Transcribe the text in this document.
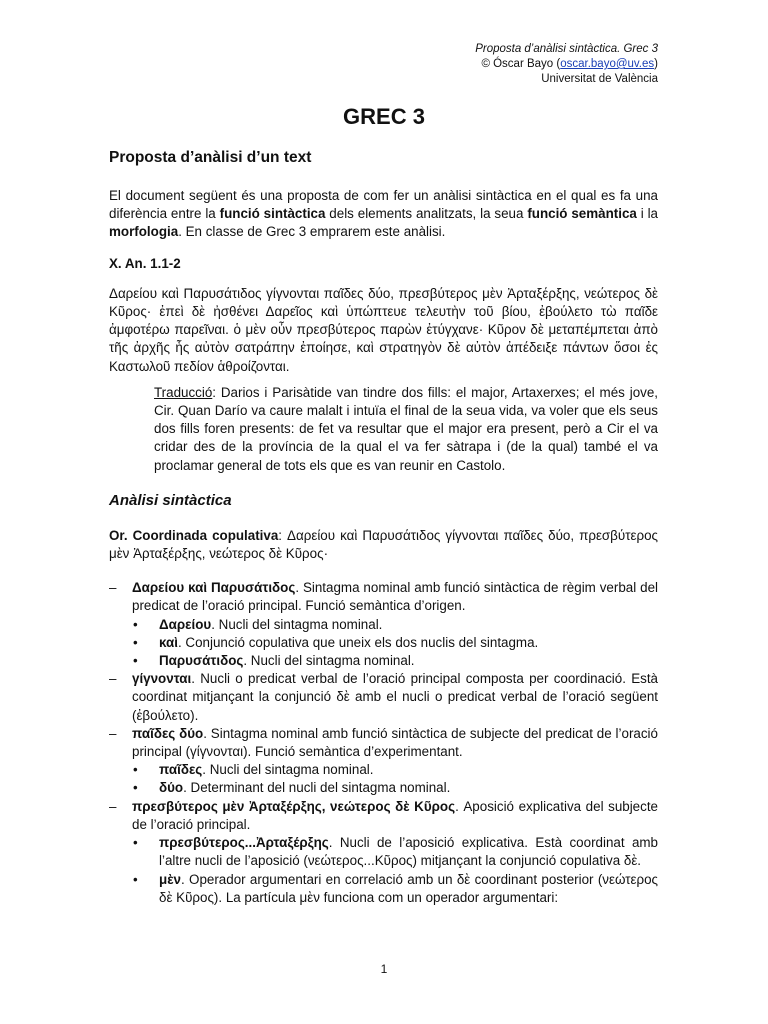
Proposta d’anàlisi sintàctica. Grec 3
© Óscar Bayo (oscar.bayo@uv.es)
Universitat de València
GREC 3

Proposta d’anàlisi d’un text

El document següent és una proposta de com fer un anàlisi sintàctica en el qual es fa una diferència entre la funció sintàctica dels elements analitzats, la seua funció semàntica i la morfologia. En classe de Grec 3 emprarem este anàlisi.

X. An. 1.1-2

Δαρείου καὶ Παρυσάτιδος γίγνονται παῖδες δύο, πρεσβύτερος μὲν Ἀρταξέρξης, νεώτερος δὲ Κῦρος· ἐπεὶ δὲ ἠσθένει Δαρεῖος καὶ ὑπώπτευε τελευτὴν τοῦ βίου, ἐβούλετο τὼ παῖδε ἀμφοτέρω παρεῖναι. ὁ μὲν οὖν πρεσβύτερος παρὼν ἐτύγχανε· Κῦρον δὲ μεταπέμπεται ἀπὸ τῆς ἀρχῆς ἧς αὐτὸν σατράπην ἐποίησε, καὶ στρατηγὸν δὲ αὐτὸν ἀπέδειξε πάντων ὅσοι ἐς Καστωλοῦ πεδίον ἁθροίζονται.

Traducció: Darios i Parisàtide van tindre dos fills: el major, Artaxerxes; el més jove, Cir. Quan Darío va caure malalt i intuïa el final de la seua vida, va voler que els seus dos fills foren presents: de fet va resultar que el major era present, però a Cir el va cridar des de la província de la qual el va fer sàtrapa i (de la qual) també el va proclamar general de tots els que es van reunir en Castolo.

Anàlisi sintàctica

Or. Coordinada copulativa: Δαρείου καὶ Παρυσάτιδος γίγνονται παῖδες δύο, πρεσβύτερος μὲν Ἀρταξέρξης, νεώτερος δὲ Κῦρος·

– Δαρείου καὶ Παρυσάτιδος. Sintagma nominal amb funció sintàctica de règim verbal del predicat de l’oració principal. Funció semàntica d’origen.
• Δαρείου. Nucli del sintagma nominal.
• καὶ. Conjunció copulativa que uneix els dos nuclis del sintagma.
• Παρυσάτιδος. Nucli del sintagma nominal.
– γίγνονται. Nucli o predicat verbal de l’oració principal composta per coordinació. Està coordinat mitjançant la conjunció δὲ amb el nucli o predicat verbal de l’oració següent (ἐβούλετο).
– παῖδες δύο. Sintagma nominal amb funció sintàctica de subjecte del predicat de l’oració principal (γίγνονται). Funció semàntica d’experimentant.
• παῖδες. Nucli del sintagma nominal.
• δύο. Determinant del nucli del sintagma nominal.
– πρεσβύτερος μὲν Ἀρταξέρξης, νεώτερος δὲ Κῦρος. Aposició explicativa del subjecte de l’oració principal.
• πρεσβύτερος...Ἀρταξέρξης. Nucli de l’aposició explicativa. Està coordinat amb l’altre nucli de l’aposició (νεώτερος...Κῦρος) mitjançant la conjunció copulativa δὲ.
• μὲν. Operador argumentari en correlació amb un δὲ coordinant posterior (νεώτερος δὲ Κῦρος). La partícula μὲν funciona com un operador argumentari:
1
